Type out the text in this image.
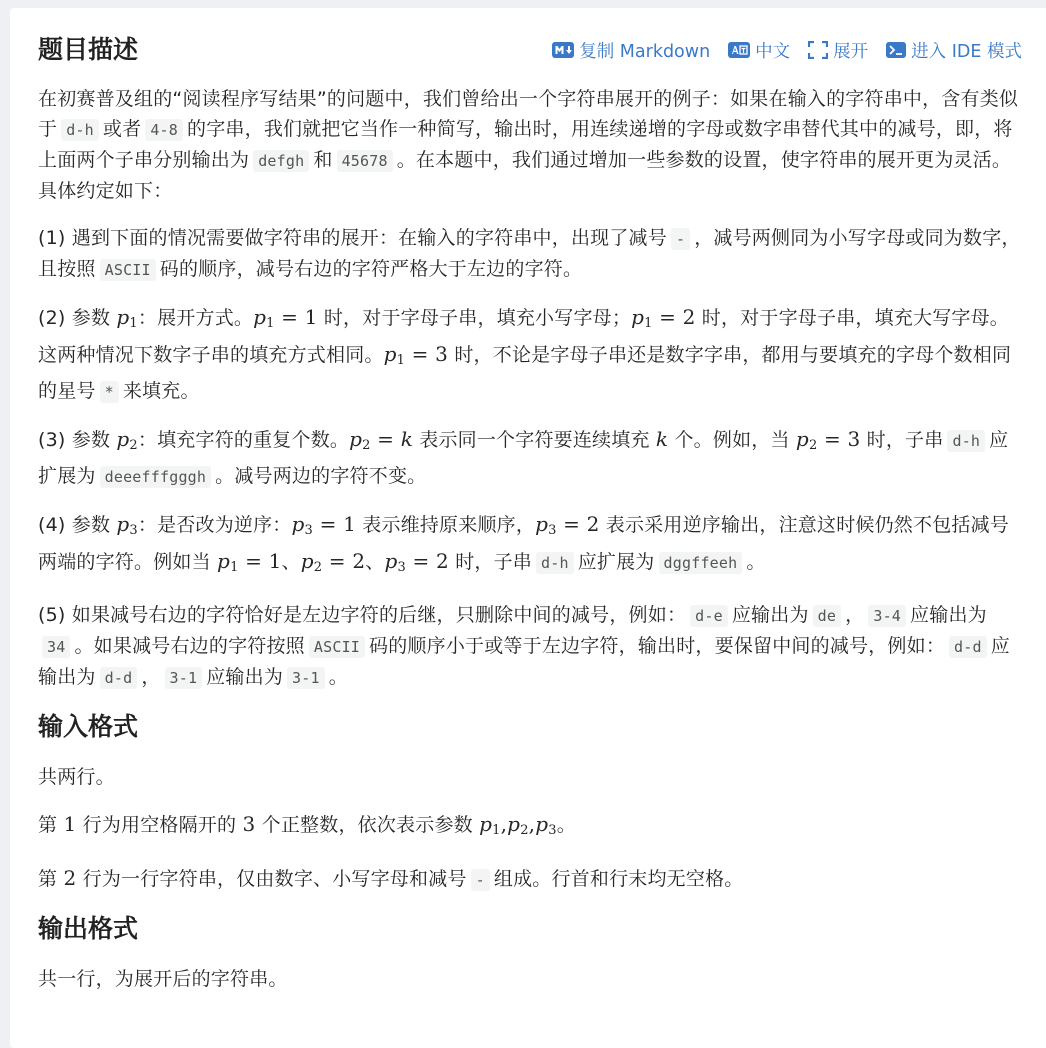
题目描述	复制 Markdown	中文 展开 进入 IDE 模式

在初赛普及组的“阅读程序写结果”的问题中，我们曾给出一个字符串展开的例子：如果在输入的字符串中，含有类似于 d-h 或者 4-8 的字串，我们就把它当作一种简写，输出时，用连续递增的字母或数字串替代其中的减号，即，将上面两个子串分别输出为 defgh 和 45678 。在本题中，我们通过增加一些参数的设置，使字符串的展开更为灵活。具体约定如下：

(1) 遇到下面的情况需要做字符串的展开：在输入的字符串中，出现了减号 - ，减号两侧同为小写字母或同为数字，且按照 ASCII 码的顺序，减号右边的字符严格大于左边的字符。

(2) 参数 $p_1$：展开方式。$p_1 = 1$ 时，对于字母子串，填充小写字母；$p_1 = 2$ 时，对于字母子串，填充大写字母。这两种情况下数字子串的填充方式相同。$p_1 = 3$ 时，不论是字母子串还是数字字串，都用与要填充的字母个数相同的星号 * 来填充。

(3) 参数 $p_2$：填充字符的重复个数。$p_2 = k$ 表示同一个字符要连续填充 k 个。例如，当 $p_2 = 3$ 时，子串 d-h 应扩展为 deeefffgggh 。减号两边的字符不变。

(4) 参数 $p_3$：是否改为逆序：$p_3 = 1$ 表示维持原来顺序，$p_3 = 2$ 表示采用逆序输出，注意这时候仍然不包括减号两端的字符。例如当 $p_1 = 1$、$p_2 = 2$、$p_3 = 2$ 时，子串 d-h 应扩展为 dggffeeh 。

(5) 如果减号右边的字符恰好是左边字符的后继，只删除中间的减号，例如： d-e 应输出为 de ， 3-4 应输出为34 。如果减号右边的字符按照 ASCII 码的顺序小于或等于左边字符，输出时，要保留中间的减号，例如： d-d 应输出为 d-d ， 3-1 应输出为 3-1 。

输入格式

共两行。

第 1 行为用空格隔开的 3 个正整数，依次表示参数 $p_1,p_2,p_3$。

第 2 行为一行字符串，仅由数字、小写字母和减号 - 组成。行首和行末均无空格。

输出格式

共一行，为展开后的字符串。
